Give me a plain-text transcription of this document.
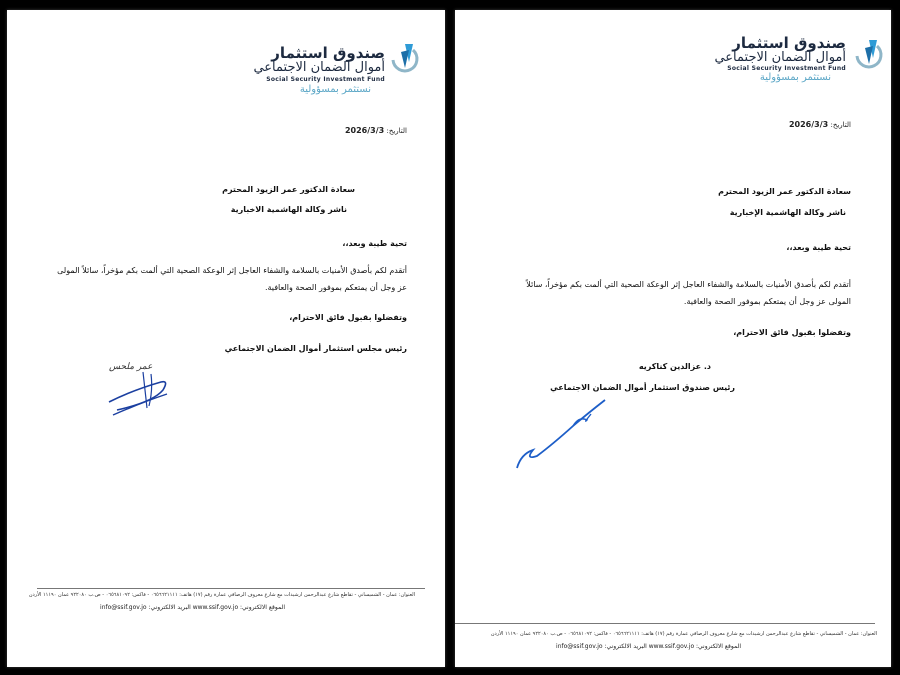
صندوق استثمار
أموال الضمان الاجتماعي
Social Security Investment Fund
نستثمر بمسؤولية
التاريخ: 2026/3/3
سعادة الدكتور عمر الزيود المحترم
ناشر وكالة الهاشمية الاخبارية
تحية طيبة وبعد،،
أتقدم لكم بأصدق الأمنيات بالسلامة والشفاء العاجل إثر الوعكة الصحية التي ألمت بكم مؤخراً، سائلاً المولى
عز وجل أن يمتعكم بموفور الصحة والعافية.
وتفضلوا بقبول فائق الاحترام،
رئيس مجلس استثمار أموال الضمان الاجتماعي
عمر ملحس
العنوان: عمان - الشميساني - تقاطع شارع عبدالرحمن ارشيدات مع شارع معروف الرصافي عمارة رقم (١٧) هاتف: ٠٦٥٦٦٢١١١١ - فاكس: ٠٦٥٦٨١٠٩٢ - ص.ب ٩٢٢٠٨٠ عمان ١١١٩٠ الأردن
الموقع الالكتروني: www.ssif.gov.jo البريد الالكتروني: info@ssif.gov.jo
صندوق استثمار
أموال الضمان الاجتماعي
Social Security Investment Fund
نستثمر بمسؤولية
التاريخ: 2026/3/3
سعادة الدكتور عمر الزيود المحترم
ناشر وكالة الهاشمية الإخبارية
تحية طيبة وبعد،،
أتقدم لكم بأصدق الأمنيات بالسلامة والشفاء العاجل إثر الوعكة الصحية التي ألمت بكم مؤخراً، سائلاً
المولى عز وجل أن يمتعكم بموفور الصحة والعافية.
وتفضلوا بقبول فائق الاحترام،
د. عزالدين كناكريه
رئيس صندوق استثمار أموال الضمان الاجتماعي
العنوان: عمان - الشميساني - تقاطع شارع عبدالرحمن ارشيدات مع شارع معروف الرصافي عمارة رقم (١٧) هاتف: ٠٦٥٦٦٢١١١١ - فاكس: ٠٦٥٦٨١٠٩٢ - ص.ب ٩٢٢٠٨٠ عمان ١١١٩٠ الأردن
الموقع الالكتروني: www.ssif.gov.jo البريد الالكتروني: info@ssif.gov.jo
